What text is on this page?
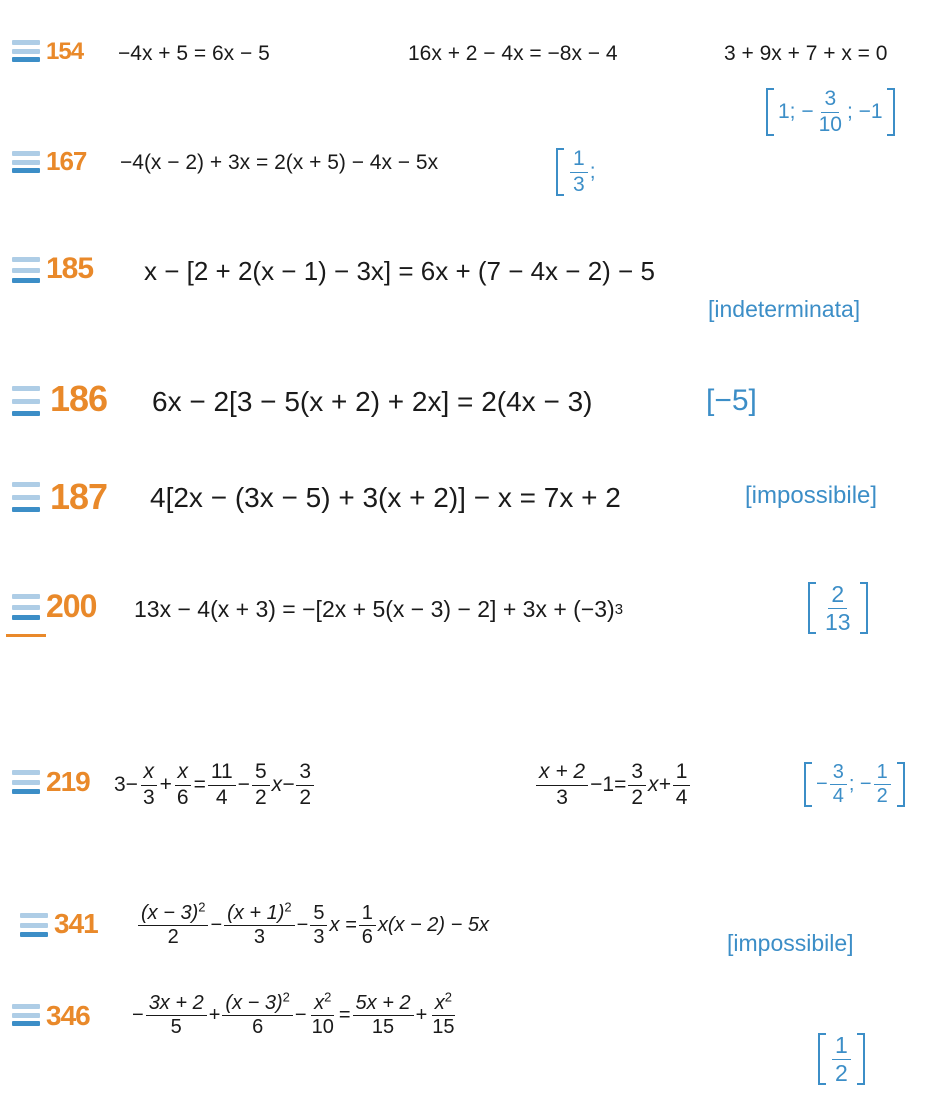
154 −4x + 5 = 6x − 5	16x + 2 − 4x = −8x − 4	3 + 9x + 7 + x = 0
1;
− $\frac{3}{10}$ ; −1
167 −4(x − 2) + 3x = 2(x + 5) − 4x − 5x	$\frac{1}{3}$ ;
185 x − [2 + 2(x − 1) − 3x] = 6x + (7 − 4x − 2) − 5
[indeterminata]
186 6x − 2[3 − 5(x + 2) + 2x] = 2(4x − 3)	[−5]
187 4[2x − (3x − 5) + 3(x + 2)] − x = 7x + 2	[impossibile]
200 13x − 4(x + 3) = −[2x + 5(x − 3) − 2] + 3x + (−3) 3	$\frac{2}{13}$
219 $3- \frac{x}{3} + \frac{x}{6} = \frac{11}{4} - \frac{5}{2} x- \frac{3}{2}$	$\frac{x + 2}{3} -1= \frac{3}{2} x+ \frac{1}{4}$	− $\frac{3}{4}$ ; − $\frac{1}{2}$
$341 \frac{(x - 3)^2}{2} - \frac{(x + 1)^2}{3} - \frac{5}{3}$ $x = \frac{1}{6} x(x - 2) - 5x$
[impossibile]
$346 - \frac{3x + 2}{5} + \frac{(x - 3)^2}{6} - \frac{x^2}{10} = \frac{5x + 2}{15} + \frac{x^2}{15}$
$\frac{1}{2}$
